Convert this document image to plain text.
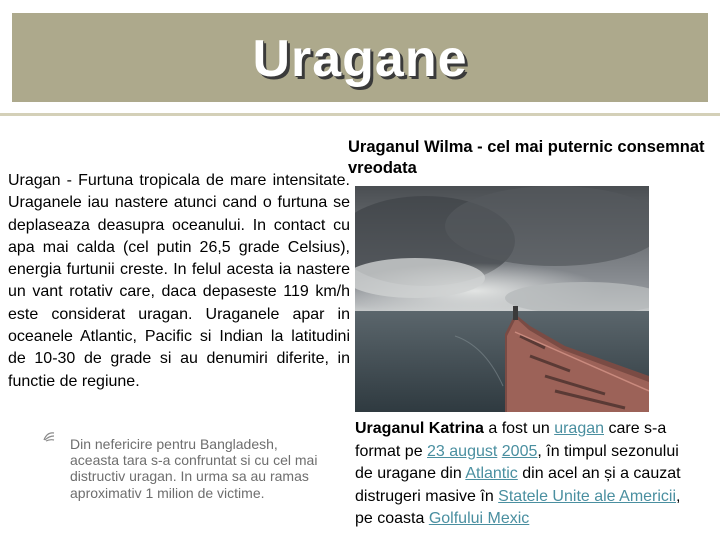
Uragane
Uraganul Wilma - cel mai puternic consemnat vreodata
Uragan - Furtuna tropicala de mare intensitate. Uraganele iau nastere atunci cand o furtuna se deplaseaza deasupra oceanului. In contact cu apa mai calda (cel putin 26,5 grade Celsius), energia furtunii creste. In felul acesta ia nastere un vant rotativ care, daca depaseste 119 km/h este considerat uragan. Uraganele apar in oceanele Atlantic, Pacific si Indian la latitudini de 10-30 de grade si au denumiri diferite, in functie de regiune.
Din nefericire pentru Bangladesh, aceasta tara s-a confruntat si cu cel mai distructiv uragan. In urma sa au ramas aproximativ 1 milion de victime.
Uraganul Katrina a fost un uragan care s-a format pe 23 august 2005, în timpul sezonului de uragane din Atlantic din acel an și a cauzat distrugeri masive în Statele Unite ale Americii, pe coasta Golfului Mexic
